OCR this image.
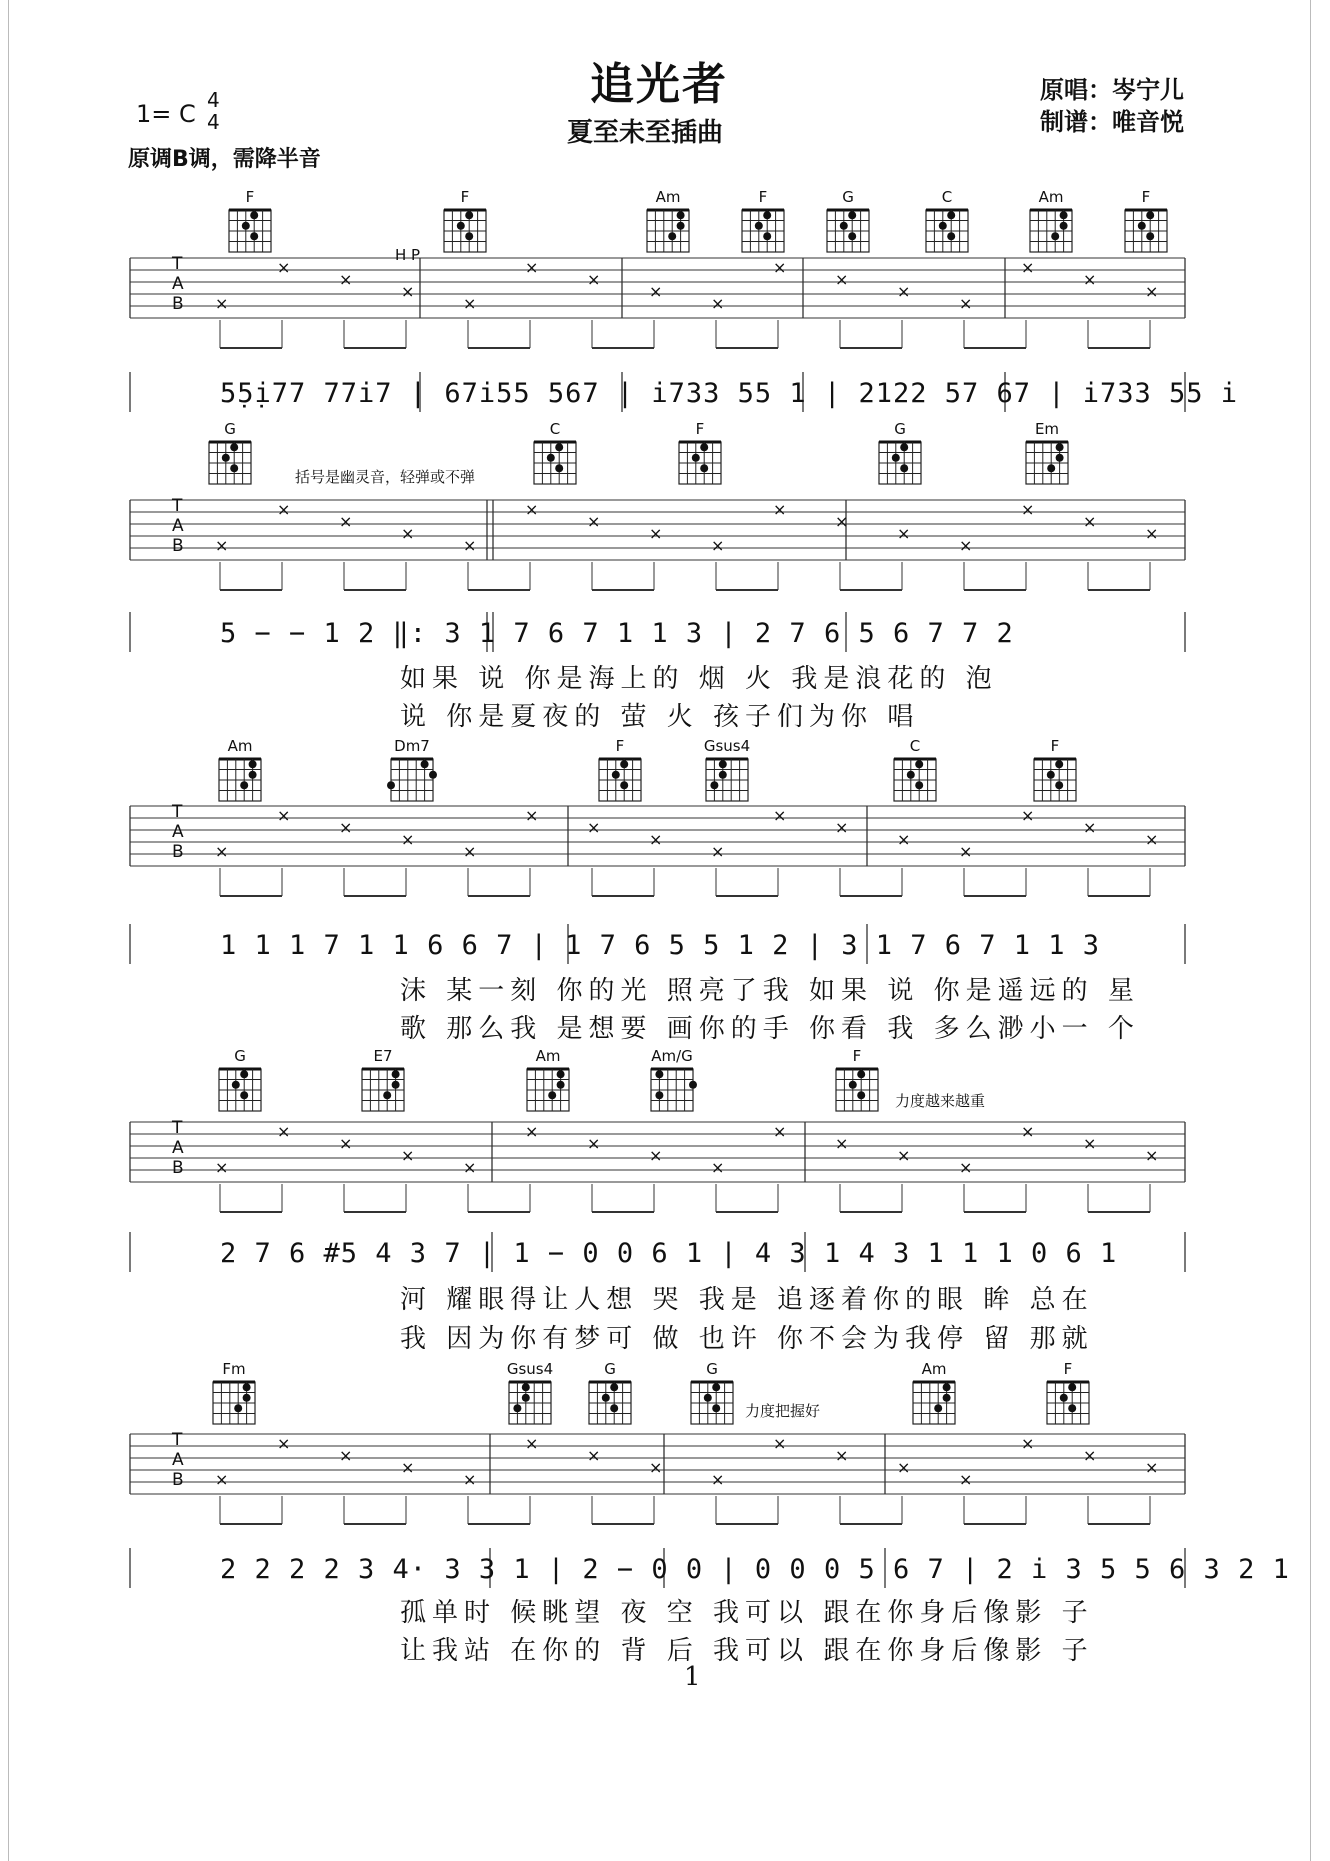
追光者
夏至未至插曲
1= C 4
4
原调B调，需降半音
原唱：岑宁儿
制谱：唯音悦
T
A
B ×
×
×
×
×
×
×
×
×
×
×
×
×
×
×
×
F	F	Am	F	G	C	Am	F
5̣5̣i77 77i7 | 67i55 567 | i733 55 1 | 2122 57 67 | i733 55 i
H P
T
A
B ×
×
×
×
×
×
×
×
×
×
×
×
×
×
×
×
G	C	F	G	Em
5 − − 1 2 ‖: 3 1 7 6 7 1 1 3 | 2 7 6 5 6 7 7 2
如果 说 你是海上的 烟 火 我是浪花的 泡
说 你是夏夜的 萤 火 孩子们为你 唱
括号是幽灵音，轻弹或不弹
T
A
B ×
×
×
×
×
×
×
×
×
×
×
×
×
×
×
×
Am	Dm7	F	Gsus4	C	F
1 1 1 7 1 1 6 6 7 | 1 7 6 5 5 1 2 | 3 1 7 6 7 1 1 3
沫 某一刻 你的光 照亮了我 如果 说 你是遥远的 星
歌 那么我 是想要 画你的手 你看 我 多么渺小一 个
T
A
B ×
×
×
×
×
×
×
×
×
×
×
×
×
×
×
×
G	E7	Am	Am/G	F
2 7 6 #5 4 3 7 | 1 − 0 0 6 1 | 4 3 1 4 3 1 1 1 0 6 1
河 耀眼得让人想 哭 我是 追逐着你的眼 眸 总在
我 因为你有梦可 做 也许 你不会为我停 留 那就
力度越来越重
T
A
B ×
×
×
×
×
×
×
×
×
×
×
×
×
×
×
×
Fm	Gsus4	G	G	Am	F
2 2 2 2 3 4· 3 3 1 | 2 − 0 0 | 0 0 0 5 6 7 | 2 i 3 5 5 6 3 2 1
孤单时 候眺望 夜 空 我可以 跟在你身后像影 子
让我站 在你的 背 后 我可以 跟在你身后像影 子
力度把握好
1
